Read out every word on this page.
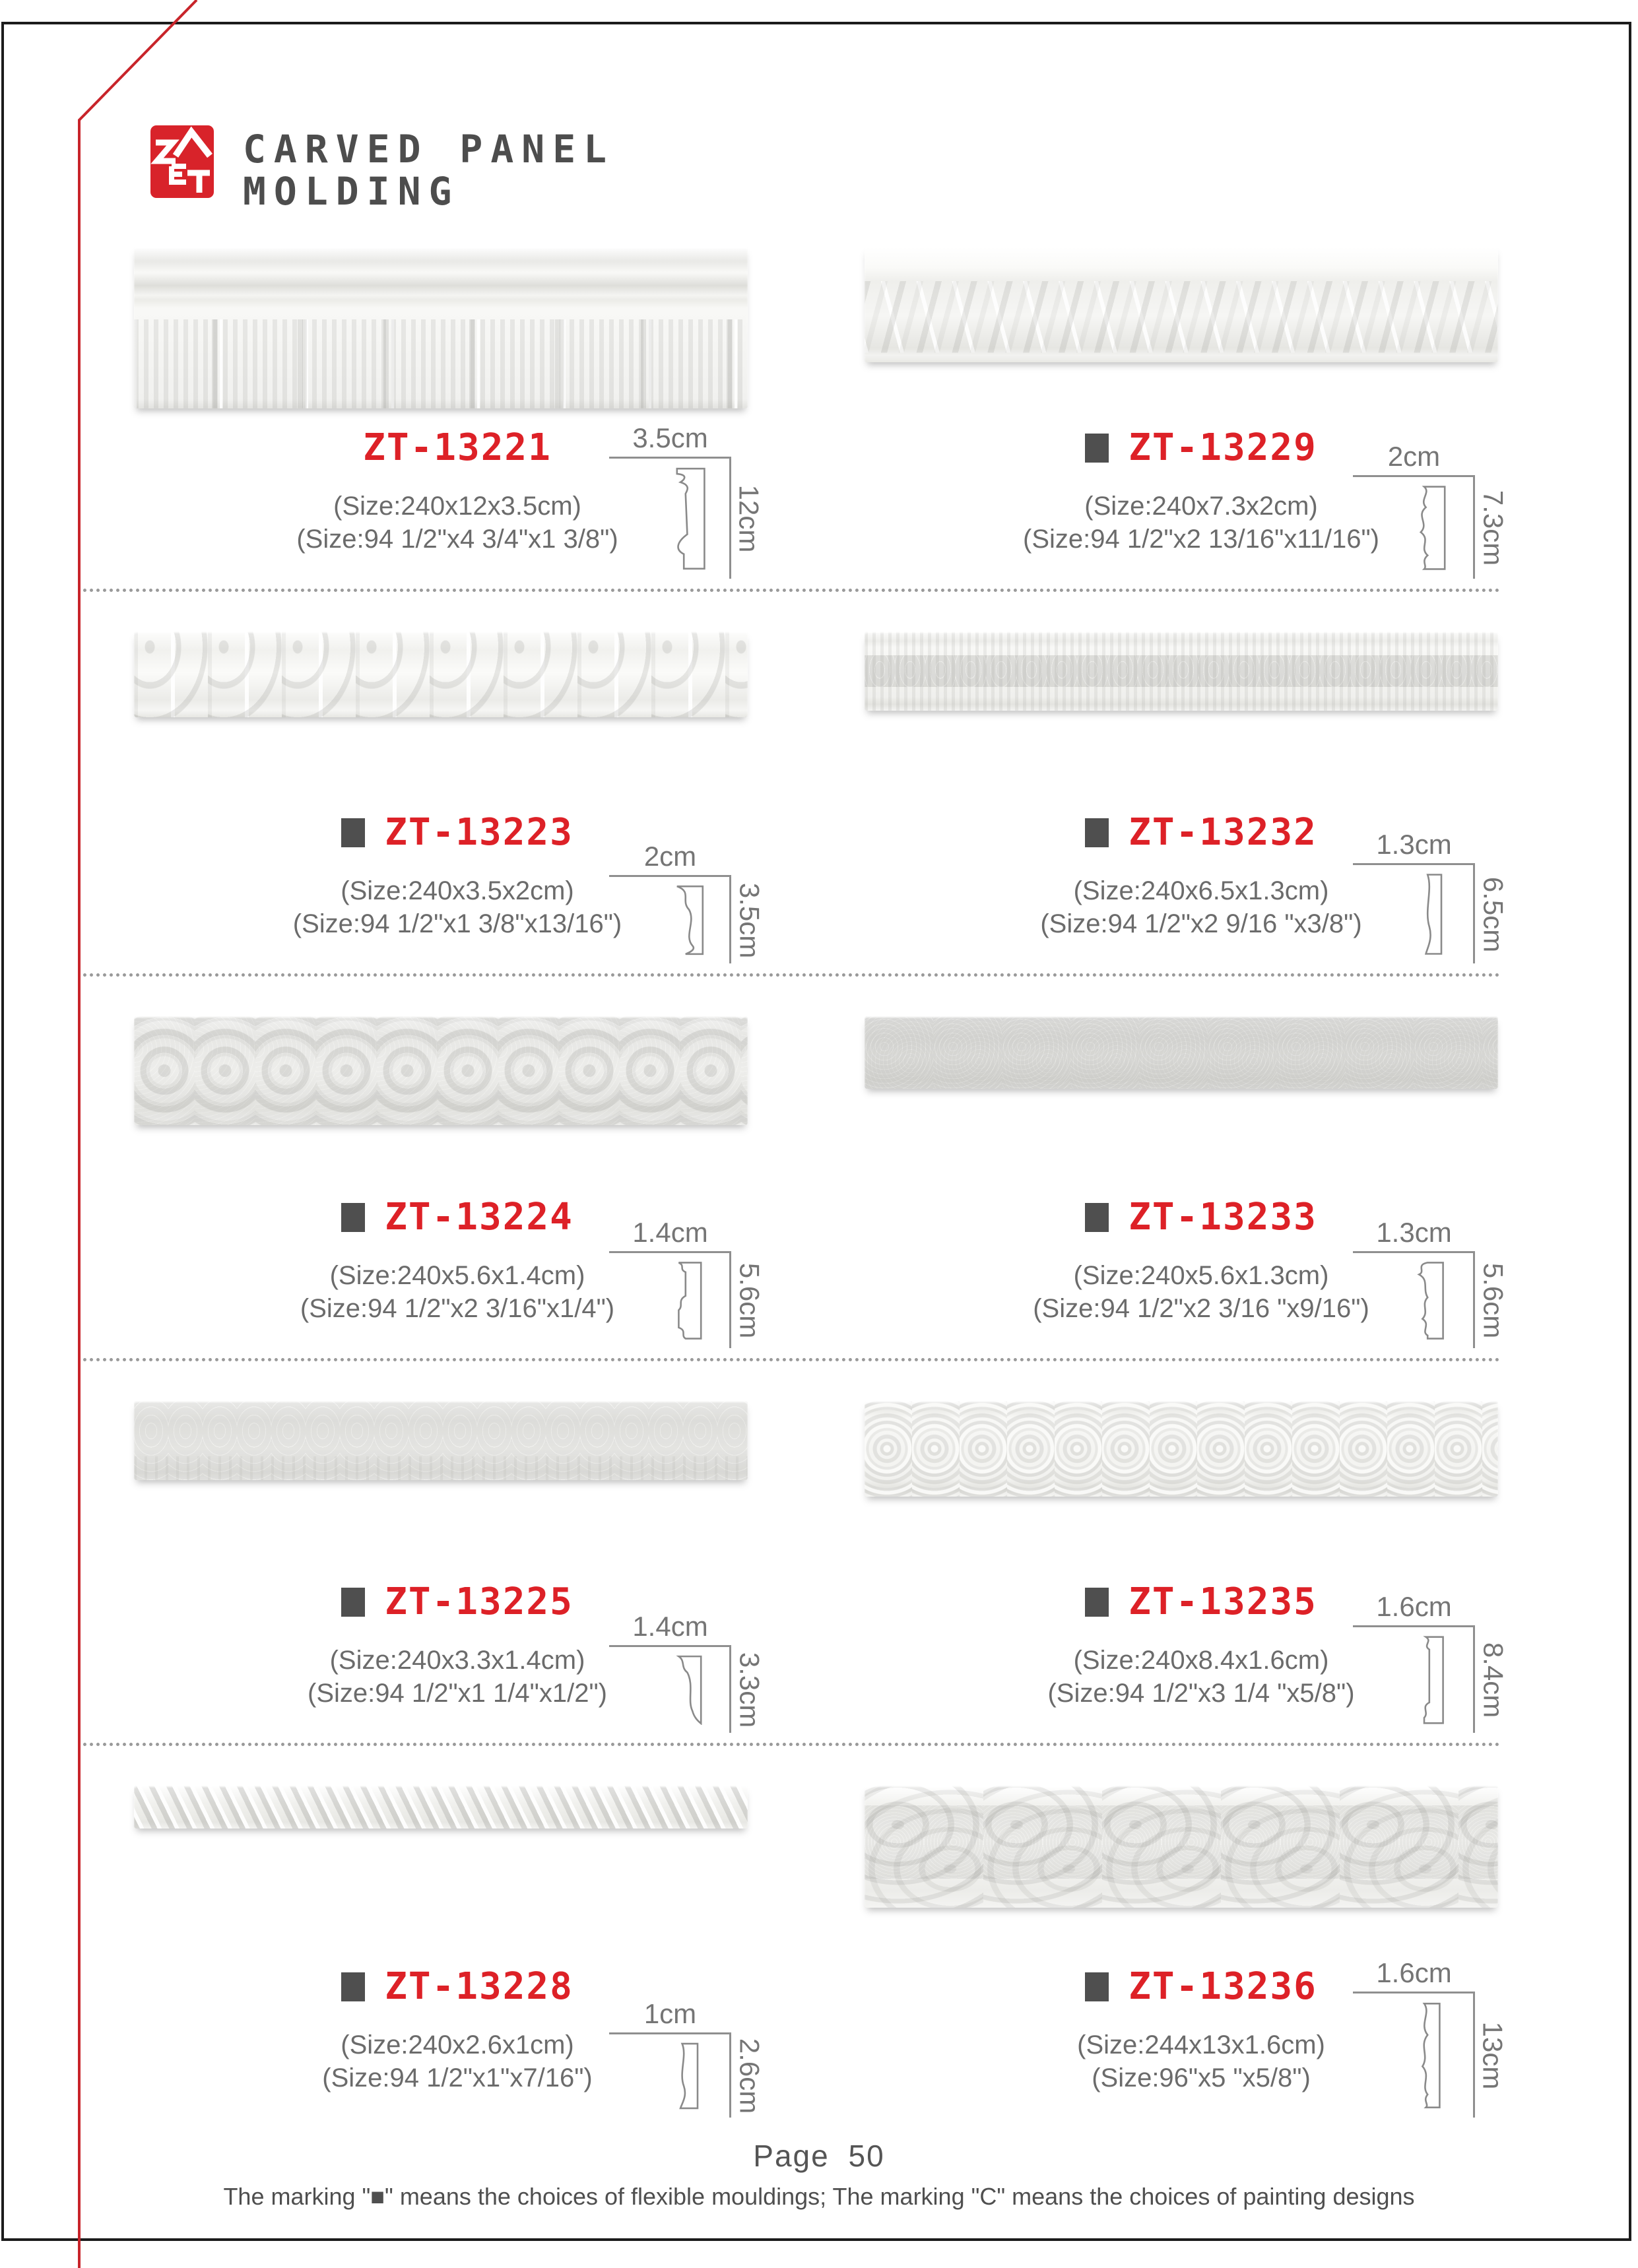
CARVED PANEL
MOLDING
ZT-13221
(Size:240x12x3.5cm)
(Size:94 1/2"x4 3/4"x1 3/8")
3.5cm
12cm
ZT-13229
(Size:240x7.3x2cm)
(Size:94 1/2"x2 13/16"x11/16")
2cm
7.3cm
ZT-13223
(Size:240x3.5x2cm)
(Size:94 1/2"x1 3/8"x13/16")
2cm
3.5cm
ZT-13232
(Size:240x6.5x1.3cm)
(Size:94 1/2"x2 9/16 "x3/8")
1.3cm
6.5cm
ZT-13224
(Size:240x5.6x1.4cm)
(Size:94 1/2"x2 3/16"x1/4")
1.4cm
5.6cm
ZT-13233
(Size:240x5.6x1.3cm)
(Size:94 1/2"x2 3/16 "x9/16")
1.3cm
5.6cm
ZT-13225
(Size:240x3.3x1.4cm)
(Size:94 1/2"x1 1/4"x1/2")
1.4cm
3.3cm
ZT-13235
(Size:240x8.4x1.6cm)
(Size:94 1/2"x3 1/4 "x5/8")
1.6cm
8.4cm
ZT-13228
(Size:240x2.6x1cm)
(Size:94 1/2"x1"x7/16")
1cm
2.6cm
ZT-13236
(Size:244x13x1.6cm)
(Size:96"x5 "x5/8")
1.6cm
13cm
Page 50
The marking "■" means the choices of flexible mouldings; The marking "C" means the choices of painting designs
